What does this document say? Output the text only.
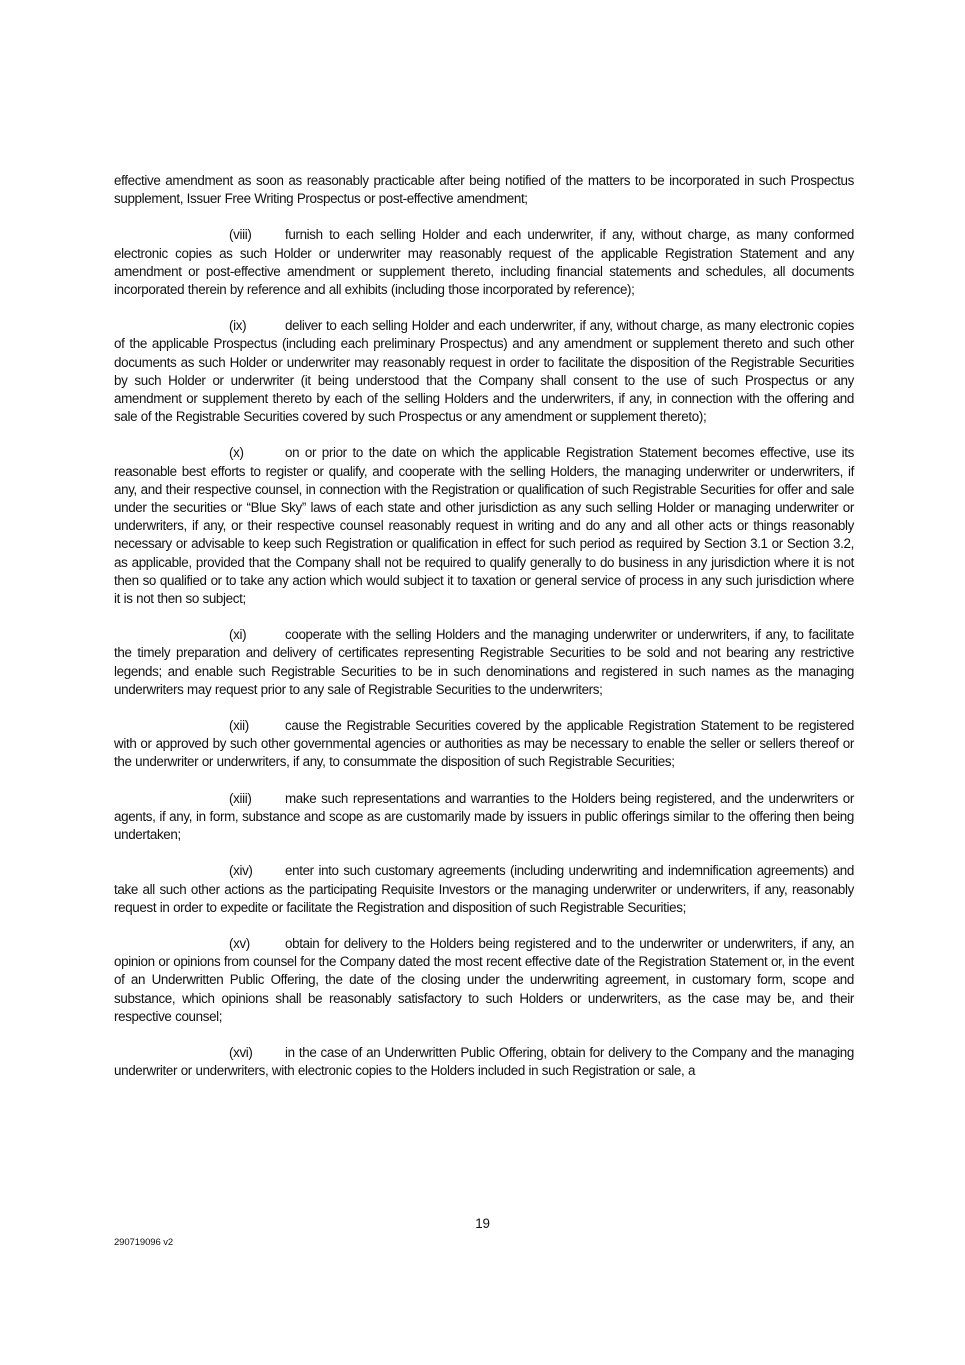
effective amendment as soon as reasonably practicable after being notified of the matters to be incorporated in such Prospectus supplement, Issuer Free Writing Prospectus or post-effective amendment;

(viii)	furnish to each selling Holder and each underwriter, if any, without charge, as many conformed electronic copies as such Holder or underwriter may reasonably request of the applicable Registration Statement and any amendment or post-effective amendment or supplement thereto, including financial statements and schedules, all documents incorporated therein by reference and all exhibits (including those incorporated by reference);

(ix)	deliver to each selling Holder and each underwriter, if any, without charge, as many electronic copies of the applicable Prospectus (including each preliminary Prospectus) and any amendment or supplement thereto and such other documents as such Holder or underwriter may reasonably request in order to facilitate the disposition of the Registrable Securities by such Holder or underwriter (it being understood that the Company shall consent to the use of such Prospectus or any amendment or supplement thereto by each of the selling Holders and the underwriters, if any, in connection with the offering and sale of the Registrable Securities covered by such Prospectus or any amendment or supplement thereto);

(x)	on or prior to the date on which the applicable Registration Statement becomes effective, use its reasonable best efforts to register or qualify, and cooperate with the selling Holders, the managing underwriter or underwriters, if any, and their respective counsel, in connection with the Registration or qualification of such Registrable Securities for offer and sale under the securities or “Blue Sky” laws of each state and other jurisdiction as any such selling Holder or managing underwriter or underwriters, if any, or their respective counsel reasonably request in writing and do any and all other acts or things reasonably necessary or advisable to keep such Registration or qualification in effect for such period as required by Section 3.1 or Section 3.2, as applicable, provided that the Company shall not be required to qualify generally to do business in any jurisdiction where it is not then so qualified or to take any action which would subject it to taxation or general service of process in any such jurisdiction where it is not then so subject;

(xi)	cooperate with the selling Holders and the managing underwriter or underwriters, if any, to facilitate the timely preparation and delivery of certificates representing Registrable Securities to be sold and not bearing any restrictive legends; and enable such Registrable Securities to be in such denominations and registered in such names as the managing underwriters may request prior to any sale of Registrable Securities to the underwriters;

(xii)	cause the Registrable Securities covered by the applicable Registration Statement to be registered with or approved by such other governmental agencies or authorities as may be necessary to enable the seller or sellers thereof or the underwriter or underwriters, if any, to consummate the disposition of such Registrable Securities;

(xiii)	make such representations and warranties to the Holders being registered, and the underwriters or agents, if any, in form, substance and scope as are customarily made by issuers in public offerings similar to the offering then being undertaken;

(xiv) enter into such customary agreements (including underwriting and indemnification agreements) and take all such other actions as the participating Requisite Investors or the managing underwriter or underwriters, if any, reasonably request in order to expedite or facilitate the Registration and disposition of such Registrable Securities;

(xv)	obtain for delivery to the Holders being registered and to the underwriter or underwriters, if any, an opinion or opinions from counsel for the Company dated the most recent effective date of the Registration Statement or, in the event of an Underwritten Public Offering, the date of the closing under the underwriting agreement, in customary form, scope and substance, which opinions shall be reasonably satisfactory to such Holders or underwriters, as the case may be, and their respective counsel;

(xvi) in the case of an Underwritten Public Offering, obtain for delivery to the Company and the managing underwriter or underwriters, with electronic copies to the Holders included in such Registration or sale, a

19
290719096 v2
